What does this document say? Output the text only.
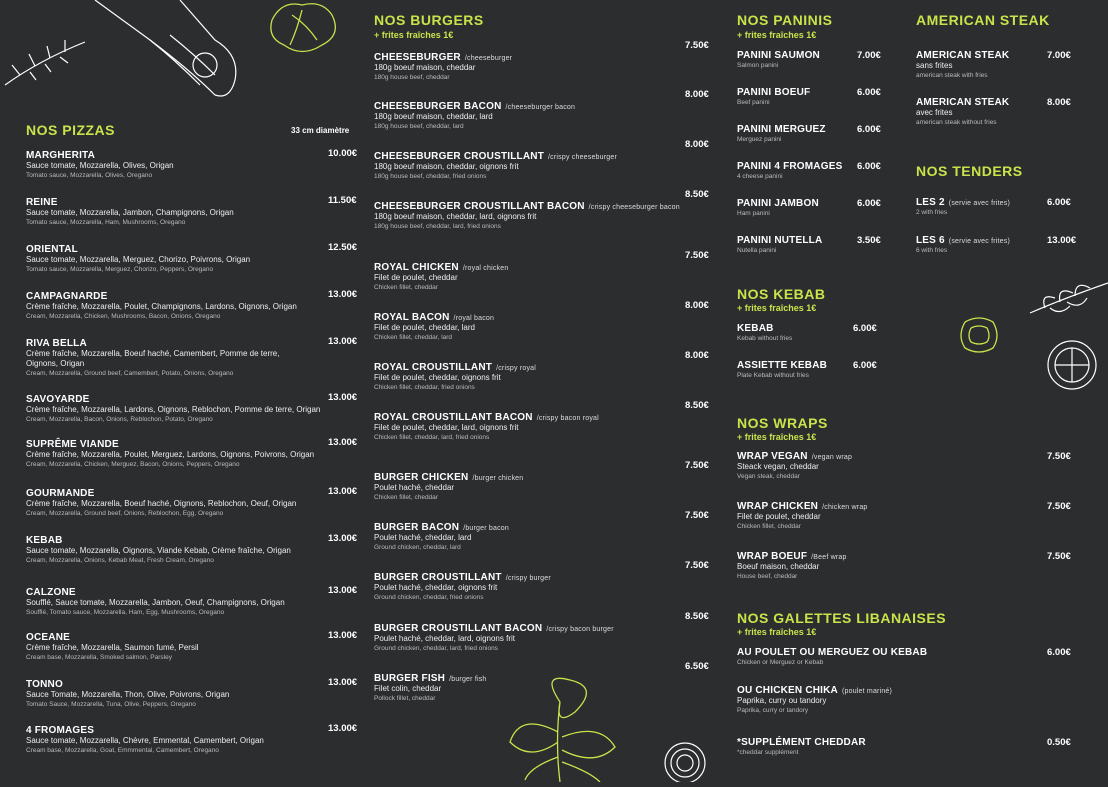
NOS PIZZAS	33 cm diamètre
MARGHERITA
Sauce tomate, Mozzarella, Olives, Origan
Tomato sauce, Mozzarella, Olives, Oregano
10.00€
REINE
Sauce tomate, Mozzarella, Jambon, Champignons, Origan
Tomato sauce, Mozzarella, Ham, Mushrooms, Oregano
11.50€
ORIENTAL
Sauce tomate, Mozzarella, Merguez, Chorizo, Poivrons, Origan
Tomato sauce, Mozzarella, Merguez, Chorizo, Peppers, Oregano
12.50€
CAMPAGNARDE
Crème fraîche, Mozzarella, Poulet, Champignons, Lardons, Oignons, Origan
Cream, Mozzarella, Chicken, Mushrooms, Bacon, Onions, Oregano
13.00€
RIVA BELLA
Crème fraîche, Mozzarella, Boeuf haché, Camembert, Pomme de terre,
Oignons, Origan
Cream, Mozzarella, Ground beef, Camembert, Potato, Onions, Oregano
13.00€
SAVOYARDE
Crème fraîche, Mozzarella, Lardons, Oignons, Reblochon, Pomme de terre, Origan
Cream, Mozzarella, Bacon, Onions, Reblochon, Potato, Oregano
13.00€
SUPRÊME VIANDE
Crème fraîche, Mozzarella, Poulet, Merguez, Lardons, Oignons, Poivrons, Origan
Cream, Mozzarella, Chicken, Merguez, Bacon, Onions, Peppers, Oregano
13.00€
GOURMANDE
Crème fraîche, Mozzarella, Boeuf haché, Oignons, Reblochon, Oeuf, Origan
Cream, Mozzarella, Ground beef, Onions, Reblochon, Egg, Oregano
13.00€
KEBAB
Sauce tomate, Mozzarella, Oignons, Viande Kebab, Crème fraîche, Origan
Cream, Mozzarella, Onions, Kebab Meat, Fresh Cream, Oregano
13.00€
CALZONE
Soufflé, Sauce tomate, Mozzarella, Jambon, Oeuf, Champignons, Origan
Soufflé, Tomato sauce, Mozzarella, Ham, Egg, Mushrooms, Oregano
13.00€
OCEANE
Crème fraîche, Mozzarella, Saumon fumé, Persil
Cream base, Mozzarella, Smoked salmon, Parsley
13.00€
TONNO
Sauce Tomate, Mozzarella, Thon, Olive, Poivrons, Origan
Tomato Sauce, Mozzarella, Tuna, Olive, Peppers, Oregano
13.00€
4 FROMAGES
Sauce tomate, Mozzarella, Chèvre, Emmental, Camembert, Origan
Cream base, Mozzarella, Goat, Emmmental, Camembert, Oregano
13.00€
NOS BURGERS
+ frites fraîches 1€
CHEESEBURGER /cheeseburger
180g boeuf maison, cheddar
180g house beef, cheddar
7.50€
CHEESEBURGER BACON /cheeseburger bacon
180g boeuf maison, cheddar, lard
180g house beef, cheddar, lard
8.00€
CHEESEBURGER CROUSTILLANT /crispy cheeseburger
180g boeuf maison, cheddar, oignons frit
180g house beef, cheddar, fried onions
8.00€
CHEESEBURGER CROUSTILLANT BACON /crispy cheeseburger bacon
180g boeuf maison, cheddar, lard, oignons frit
180g house beef, cheddar, lard, fried onions
8.50€
ROYAL CHICKEN /royal chicken
Filet de poulet, cheddar
Chicken fillet, cheddar
7.50€
ROYAL BACON /royal bacon
Filet de poulet, cheddar, lard
Chicken fillet, cheddar, lard
8.00€
ROYAL CROUSTILLANT /crispy royal
Filet de poulet, cheddar, oignons frit
Chicken fillet, cheddar, fried onions
8.00€
ROYAL CROUSTILLANT BACON /crispy bacon royal
Filet de poulet, cheddar, lard, oignons frit
Chicken fillet, cheddar, lard, fried onions
8.50€
BURGER CHICKEN /burger chicken
Poulet haché, cheddar
Chicken fillet, cheddar
7.50€
BURGER BACON /burger bacon
Poulet haché, cheddar, lard
Ground chicken, cheddar, lard
7.50€
BURGER CROUSTILLANT /crispy burger
Poulet haché, cheddar, oignons frit
Ground chicken, cheddar, fried onions
7.50€
BURGER CROUSTILLANT BACON /crispy bacon burger
Poulet haché, cheddar, lard, oignons frit
Ground chicken, cheddar, lard, fried onions
8.50€
BURGER FISH /burger fish
Filet colin, cheddar
Pollock fillet, cheddar
6.50€
NOS PANINIS
+ frites fraîches 1€
PANINI SAUMON
Salmon panini
7.00€
PANINI BOEUF
Beef panini
6.00€
PANINI MERGUEZ
Merguez panini
6.00€
PANINI 4 FROMAGES
4 cheese panini
6.00€
PANINI JAMBON
Ham panini
6.00€
PANINI NUTELLA
Nutella panini
3.50€
NOS KEBAB
+ frites fraîches 1€
KEBAB
Kebab without fries
6.00€
ASSIETTE KEBAB
Plate Kebab without fries
6.00€
NOS WRAPS
+ frites fraîches 1€
WRAP VEGAN /vegan wrap
Steack vegan, cheddar
Vegan steak, cheddar
7.50€
WRAP CHICKEN /chicken wrap
Filet de poulet, cheddar
Chicken fillet, cheddar
7.50€
WRAP BOEUF /Beef wrap
Boeuf maison, cheddar
House beef, cheddar
7.50€
NOS GALETTES LIBANAISES
+ frites fraîches 1€
AU POULET OU MERGUEZ OU KEBAB
Chicken or Merguez or Kebab
6.00€
OU CHICKEN CHIKA (poulet mariné)
Paprika, curry ou tandory
Paprika, curry or tandory
*SUPPLÉMENT CHEDDAR
*cheddar supplément
0.50€
AMERICAN STEAK
AMERICAN STEAK
sans frites
american steak with fries
7.00€
AMERICAN STEAK
avec frites
american steak without fries
8.00€
NOS TENDERS
LES 2 (servie avec frites)
2 with fries
6.00€
LES 6 (servie avec frites)
6 with fries
13.00€
